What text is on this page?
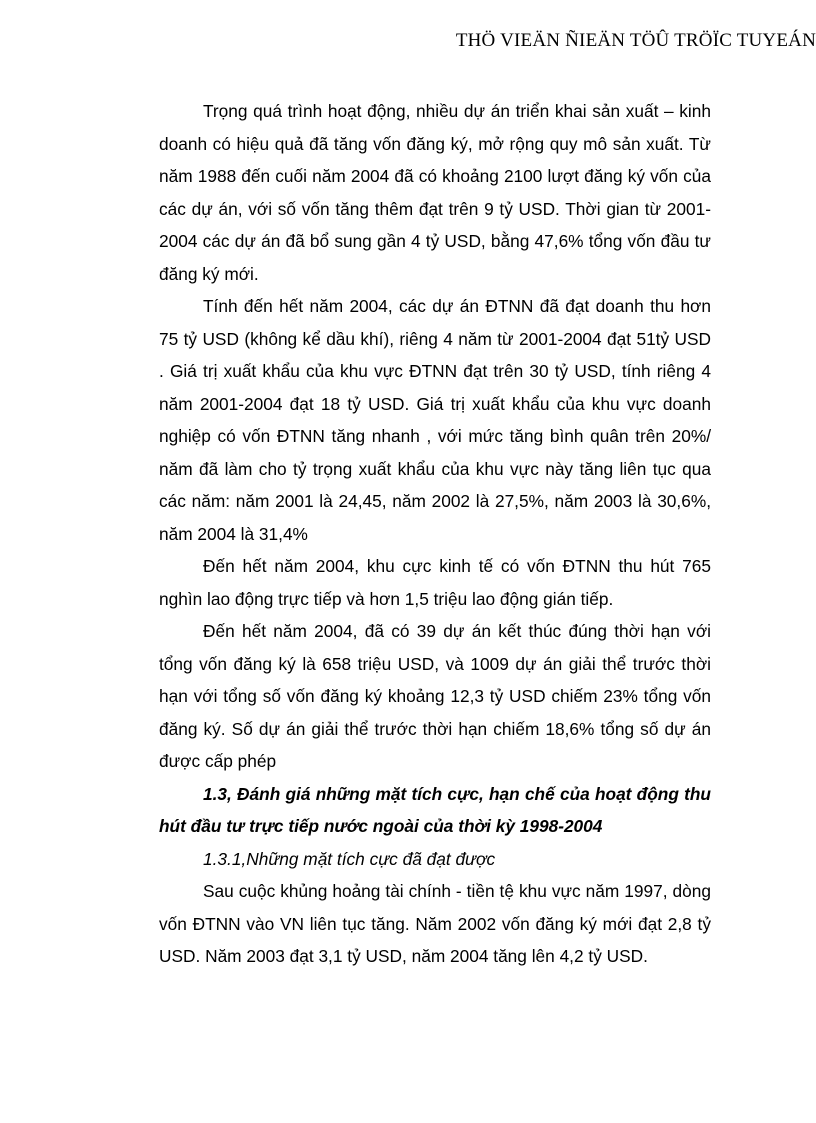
THÖ VIEÄN ÑIEÄN TÖÛ TRÖÏC TUYEÁN

Trọng quá trình hoạt động, nhiều dự án triển khai sản xuất – kinh doanh có hiệu quả đã tăng vốn đăng ký, mở rộng quy mô sản xuất. Từ năm 1988 đến cuối năm 2004 đã có khoảng 2100 lượt đăng ký vốn của các dự án, với số vốn tăng thêm đạt trên 9 tỷ USD. Thời gian từ 2001-2004 các dự án đã bổ sung gần 4 tỷ USD, bằng 47,6% tổng vốn đầu tư đăng ký mới.

Tính đến hết năm 2004, các dự án ĐTNN đã đạt doanh thu hơn 75 tỷ USD (không kể dầu khí), riêng 4 năm từ 2001-2004 đạt 51tỷ USD . Giá trị xuất khẩu của khu vực ĐTNN đạt trên 30 tỷ USD, tính riêng 4 năm 2001-2004 đạt 18 tỷ USD. Giá trị xuất khẩu của khu vực doanh nghiệp có vốn ĐTNN tăng nhanh , với mức tăng bình quân trên 20%/ năm đã làm cho tỷ trọng xuất khẩu của khu vực này tăng liên tục qua các năm: năm 2001 là 24,45, năm 2002 là 27,5%, năm 2003 là 30,6%, năm 2004 là 31,4%

Đến hết năm 2004, khu cực kinh tế có vốn ĐTNN thu hút 765 nghìn lao động trực tiếp và hơn 1,5 triệu lao động gián tiếp.

Đến hết năm 2004, đã có 39 dự án kết thúc đúng thời hạn với tổng vốn đăng ký là 658 triệu USD, và 1009 dự án giải thể trước thời hạn với tổng số vốn đăng ký khoảng 12,3 tỷ USD chiếm 23% tổng vốn đăng ký. Số dự án giải thể trước thời hạn chiếm 18,6% tổng số dự án được cấp phép

1.3, Đánh giá những mặt tích cực, hạn chế của hoạt động thu hút đầu tư trực tiếp nước ngoài của thời kỳ 1998-2004

1.3.1,Những mặt tích cực đã đạt được

Sau cuộc khủng hoảng tài chính - tiền tệ khu vực năm 1997, dòng vốn ĐTNN vào VN liên tục tăng. Năm 2002 vốn đăng ký mới đạt 2,8 tỷ USD. Năm 2003 đạt 3,1 tỷ USD, năm 2004 tăng lên 4,2 tỷ USD.
